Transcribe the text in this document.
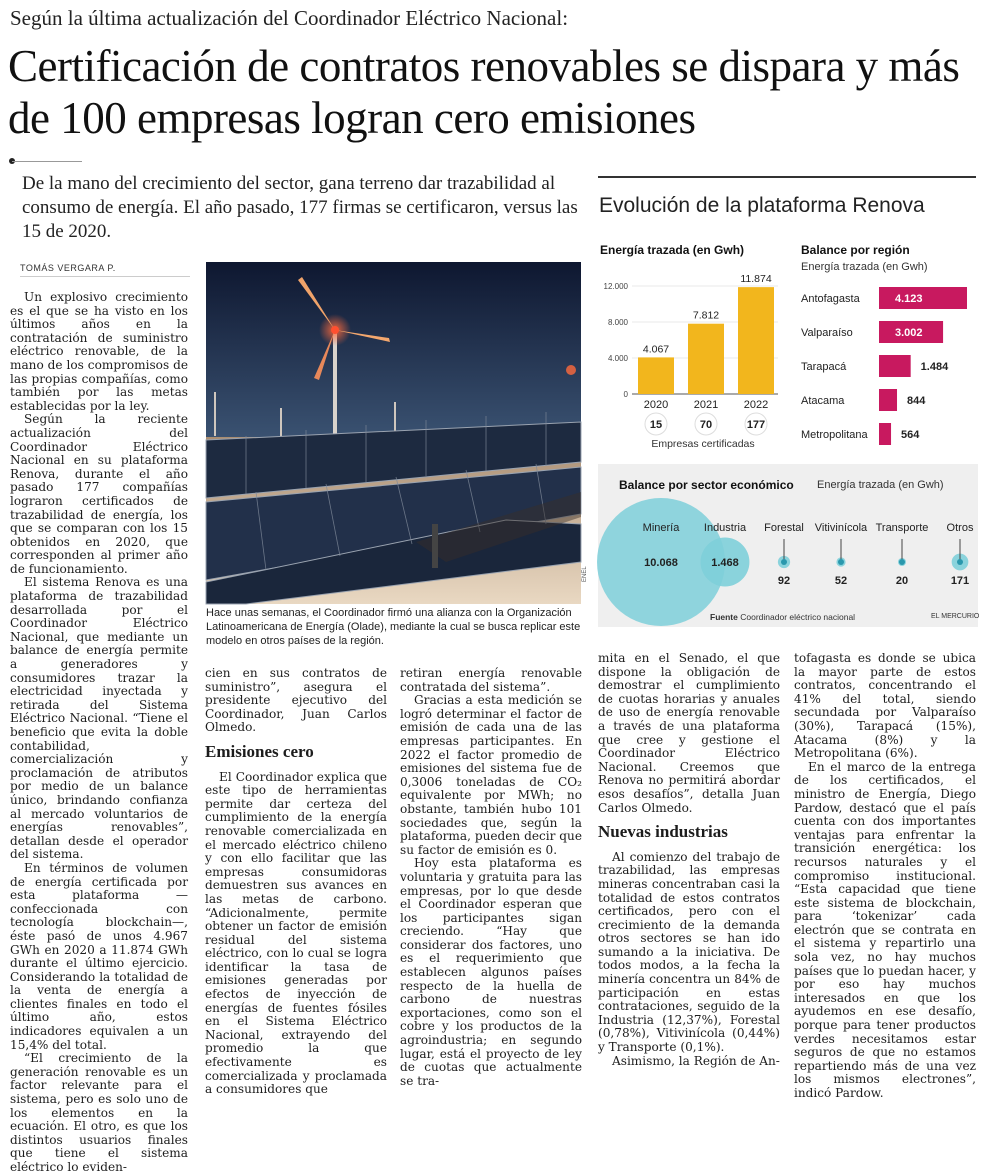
Según la última actualización del Coordinador Eléctrico Nacional:
Certificación de contratos renovables se dispara y más de 100 empresas logran cero emisiones
De la mano del crecimiento del sector, gana terreno dar trazabilidad al consumo de energía. El año pasado, 177 firmas se certificaron, versus las 15 de 2020.
TOMÁS VERGARA P.

Un explosivo crecimiento es el que se ha visto en los últimos años en la contratación de suministro eléctrico renovable, de la mano de los compromisos de las propias compañías, como también por las metas establecidas por la ley.

Según la reciente actualización del Coordinador Eléctrico Nacional en su plataforma Renova, durante el año pasado 177 compañías lograron certificados de trazabilidad de energía, los que se comparan con los 15 obtenidos en 2020, que corresponden al primer año de funcionamiento.

El sistema Renova es una plataforma de trazabilidad desarrollada por el Coordinador Eléctrico Nacional, que mediante un balance de energía permite a generadores y consumidores trazar la electricidad inyectada y retirada del Sistema Eléctrico Nacional. “Tiene el beneficio que evita la doble contabilidad, comercialización y proclamación de atributos por medio de un balance único, brindando confianza al mercado voluntarios de energías renovables”, detallan desde el operador del sistema.

En términos de volumen de energía certificada por esta plataforma —confeccionada con tecnología blockchain—, éste pasó de unos 4.967 GWh en 2020 a 11.874 GWh durante el último ejercicio. Considerando la totalidad de la venta de energía a clientes finales en todo el último año, estos indicadores equivalen a un 15,4% del total.

“El crecimiento de la generación renovable es un factor relevante para el sistema, pero es solo uno de los elementos en la ecuación. El otro, es que los distintos usuarios finales que tiene el sistema eléctrico lo eviden-

Hace unas semanas, el Coordinador firmó una alianza con la Organización Latinoamericana de Energía (Olade), mediante la cual se busca replicar este modelo en otros países de la región.
ENEL

cien en sus contratos de suministro”, asegura el presidente ejecutivo del Coordinador, Juan Carlos Olmedo.

Emisiones cero

El Coordinador explica que este tipo de herramientas permite dar certeza del cumplimiento de la energía renovable comercializada en el mercado eléctrico chileno y con ello facilitar que las empresas consumidoras demuestren sus avances en las metas de carbono. “Adicionalmente, permite obtener un factor de emisión residual del sistema eléctrico, con lo cual se logra identificar la tasa de emisiones generadas por efectos de inyección de energías de fuentes fósiles en el Sistema Eléctrico Nacional, extrayendo del promedio la que efectivamente es comercializada y proclamada a consumidores que

retiran energía renovable contratada del sistema”.

Gracias a esta medición se logró determinar el factor de emisión de cada una de las empresas participantes. En 2022 el factor promedio de emisiones del sistema fue de 0,3006 toneladas de CO₂ equivalente por MWh; no obstante, también hubo 101 sociedades que, según la plataforma, pueden decir que su factor de emisión es 0.

Hoy esta plataforma es voluntaria y gratuita para las empresas, por lo que desde el Coordinador esperan que los participantes sigan creciendo. “Hay que considerar dos factores, uno es el requerimiento que establecen algunos países respecto de la huella de carbono de nuestras exportaciones, como son el cobre y los productos de la agroindustria; en segundo lugar, está el proyecto de ley de cuotas que actualmente se tra-

mita en el Senado, el que dispone la obligación de demostrar el cumplimiento de cuotas horarias y anuales de uso de energía renovable a través de una plataforma que cree y gestione el Coordinador Eléctrico Nacional. Creemos que Renova no permitirá abordar esos desafíos”, detalla Juan Carlos Olmedo.

Nuevas industrias

Al comienzo del trabajo de trazabilidad, las empresas mineras concentraban casi la totalidad de estos contratos certificados, pero con el crecimiento de la demanda otros sectores se han ido sumando a la iniciativa. De todos modos, a la fecha la minería concentra un 84% de participación en estas contrataciones, seguido de la Industria (12,37%), Forestal (0,78%), Vitivinícola (0,44%) y Transporte (0,1%).

Asimismo, la Región de An-

tofagasta es donde se ubica la mayor parte de estos contratos, concentrando el 41% del total, siendo secundada por Valparaíso (30%), Tarapacá (15%), Atacama (8%) y la Metropolitana (6%).

En el marco de la entrega de los certificados, el ministro de Energía, Diego Pardow, destacó que el país cuenta con dos importantes ventajas para enfrentar la transición energética: los recursos naturales y el compromiso institucional. “Esta capacidad que tiene este sistema de blockchain, para ‘tokenizar’ cada electrón que se contrata en el sistema y repartirlo una sola vez, no hay muchos países que lo puedan hacer, y por eso hay muchos interesados en que los ayudemos en ese desafío, porque para tener productos verdes necesitamos estar seguros de que no estamos repartiendo más de una vez los mismos electrones”, indicó Pardow.

Evolución de la plataforma Renova
Energía trazada (en Gwh)
0
4.000
8.000
12.000
4.067
2020
15
7.812
2021
70
11.874
2022
177
Empresas certificadas
Balance por región
Energía trazada (en Gwh)
Antofagasta	4.123
Valparaíso	3.002
Tarapacá	1.484
Atacama	844
Metropolitana	564
Balance por sector económico Energía trazada (en Gwh)
Minería
10.068
Industria
1.468
Forestal
92
Vitivinícola
52
Transporte
20
Otros
171
Fuente Coordinador eléctrico nacional	EL MERCURIO
